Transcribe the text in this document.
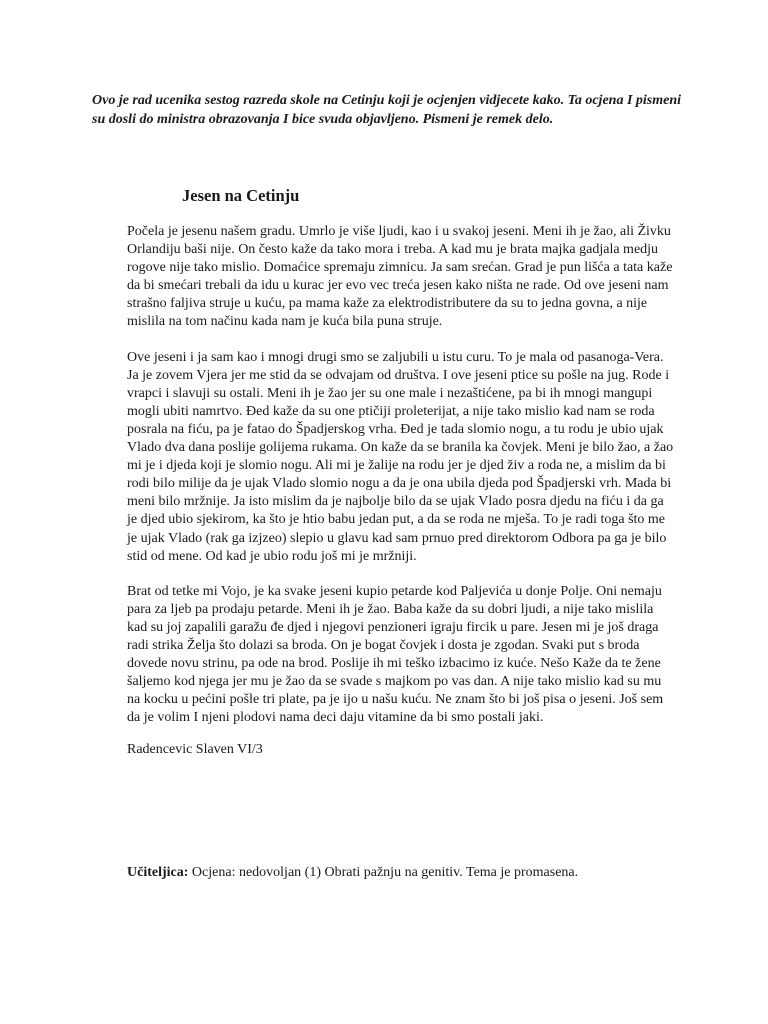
Ovo je rad ucenika sestog razreda skole na Cetinju koji je ocjenjen vidjecete kako. Ta ocjena I pismeni su dosli do ministra obrazovanja I bice svuda objavljeno. Pismeni je remek delo.

Jesen na Cetinju

Počela je jesenu našem gradu. Umrlo je više ljudi, kao i u svakoj jeseni. Meni ih je žao, ali Živku Orlandiju baši nije. On često kaže da tako mora i treba. A kad mu je brata majka gadjala medju rogove nije tako mislio. Domaćice spremaju zimnicu. Ja sam srećan. Grad je pun lišća a tata kaže da bi smećari trebali da idu u kurac jer evo vec treća jesen kako ništa ne rade. Od ove jeseni nam strašno faljiva struje u kuću, pa mama kaže za elektrodistributere da su to jedna govna, a nije mislila na tom načinu kada nam je kuća bila puna struje.

Ove jeseni i ja sam kao i mnogi drugi smo se zaljubili u istu curu. To je mala od pasanoga-Vera. Ja je zovem Vjera jer me stid da se odvajam od društva. I ove jeseni ptice su pošle na jug. Rode i vrapci i slavuji su ostali. Meni ih je žao jer su one male i nezaštićene, pa bi ih mnogi mangupi mogli ubiti namrtvo. Đed kaže da su one ptičiji proleterijat, a nije tako mislio kad nam se roda posrala na fiću, pa je fatao do Špadjerskog vrha. Đed je tada slomio nogu, a tu rodu je ubio ujak Vlado dva dana poslije golijema rukama. On kaže da se branila ka čovjek. Meni je bilo žao, a žao mi je i djeda koji je slomio nogu. Ali mi je žalije na rodu jer je djed živ a roda ne, a mislim da bi rodi bilo milije da je ujak Vlado slomio nogu a da je ona ubila djeda pod Špadjerski vrh. Mada bi meni bilo mržnije. Ja isto mislim da je najbolje bilo da se ujak Vlado posra djedu na fiću i da ga je djed ubio sjekirom, ka što je htio babu jedan put, a da se roda ne mješa. To je radi toga što me je ujak Vlado (rak ga izjzeo) slepio u glavu kad sam prnuo pred direktorom Odbora pa ga je bilo stid od mene. Od kad je ubio rodu još mi je mržniji.

Brat od tetke mi Vojo, je ka svake jeseni kupio petarde kod Paljevića u donje Polje. Oni nemaju para za ljeb pa prodaju petarde. Meni ih je žao. Baba kaže da su dobri ljudi, a nije tako mislila kad su joj zapalili garažu đe djed i njegovi penzioneri igraju fircik u pare. Jesen mi je još draga radi strika Željа što dolazi sa broda. On je bogat čovjek i dosta je zgodan. Svaki put s broda dovede novu strinu, pa ode na brod. Poslije ih mi teško izbacimo iz kuće. Nešo Kaže da te žene šaljemo kod njega jer mu je žao da se svade s majkom po vas dan. A nije tako mislio kad su mu na kocku u pećini pošle tri plate, pa je ijo u našu kuću. Ne znam što bi još pisa o jeseni. Još sem da je volim I njeni plodovi nama deci daju vitamine da bi smo postali jaki.

Radencevic Slaven VI/3

Učiteljica: Ocjena: nedovoljan (1) Obrati pažnju na genitiv. Tema je promasena.
